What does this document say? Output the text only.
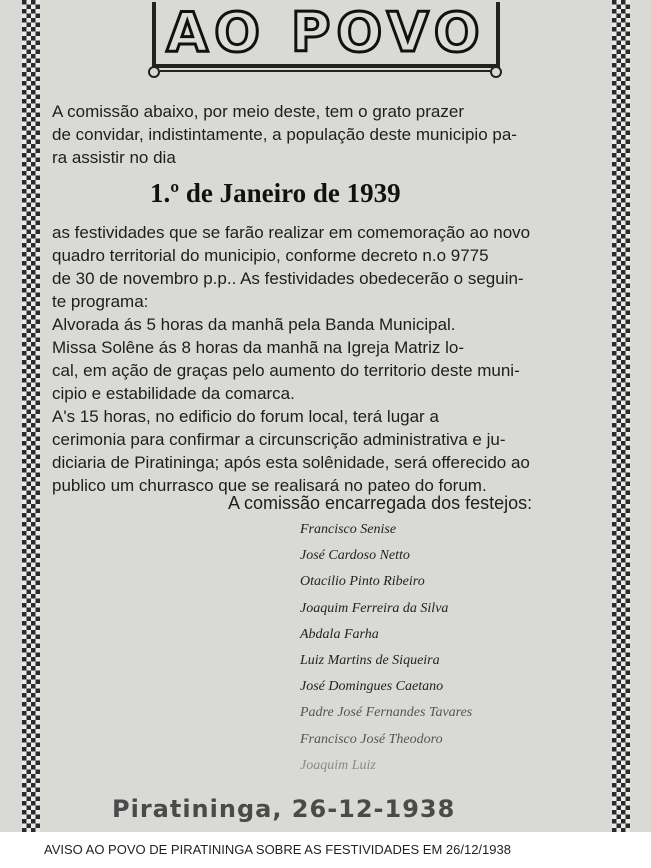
AO POVO
A comissão abaixo, por meio deste, tem o grato prazer
de convidar, indistintamente, a população deste municipio pa-
ra assistir no dia
1.º de Janeiro de 1939
as festividades que se farão realizar em comemoração ao novo
quadro territorial do municipio, conforme decreto n.o 9775
de 30 de novembro p.p.. As festividades obedecerão o seguin-
te programa:
Alvorada ás 5 horas da manhã pela Banda Municipal.
Missa Solêne ás 8 horas da manhã na Igreja Matriz lo-
cal, em ação de graças pelo aumento do territorio deste muni-
cipio e estabilidade da comarca.
A's 15 horas, no edificio do forum local, terá lugar a
cerimonia para confirmar a circunscrição administrativa e ju-
diciaria de Piratininga; após esta solênidade, será offerecido ao
publico um churrasco que se realisará no pateo do forum.
A comissão encarregada dos festejos:
Francisco Senise
José Cardoso Netto
Otacilio Pinto Ribeiro
Joaquim Ferreira da Silva
Abdala Farha
Luiz Martins de Siqueira
José Domingues Caetano
Padre José Fernandes Tavares
Francisco José Theodoro
Joaquim Luiz
Piratininga, 26-12-1938
AVISO AO POVO DE PIRATININGA SOBRE AS FESTIVIDADES EM 26/12/1938
